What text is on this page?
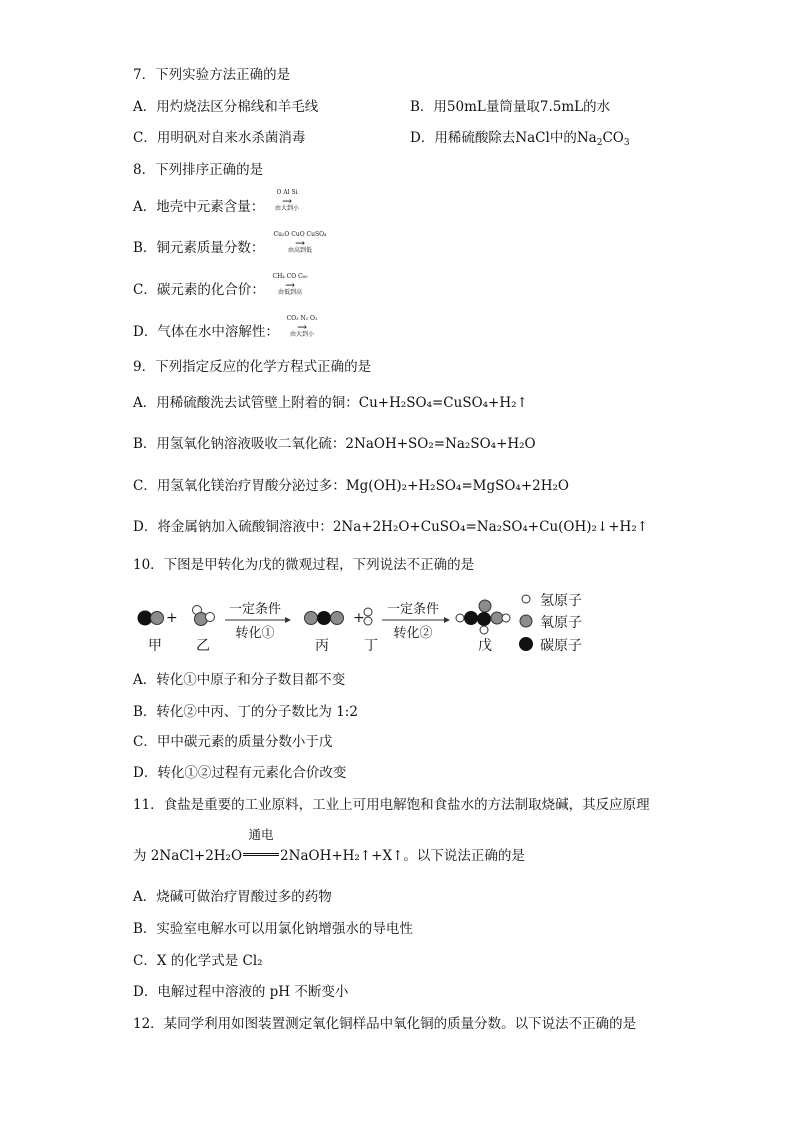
7．下列实验方法正确的是
A．用灼烧法区分棉线和羊毛线	B．用50mL量筒量取7.5mL的水
C．用明矾对自来水杀菌消毒	D．用稀硫酸除去NaCl中的$Na_2CO_3$
8．下列排序正确的是
A．地壳中元素含量：
O Al Si
→
由大到小
B．铜元素质量分数：
Cu₂O CuO CuSO₄
→
由高到低
C．碳元素的化合价：
CH₄ CO C₆₀
→
由低到高
D．气体在水中溶解性：
CO₂ N₂ O₂
→
由大到小
9．下列指定反应的化学方程式正确的是
A．用稀硫酸洗去试管壁上附着的铜：Cu+H₂SO₄=CuSO₄+H₂↑
B．用氢氧化钠溶液吸收二氧化硫：2NaOH+SO₂=Na₂SO₄+H₂O
C．用氢氧化镁治疗胃酸分泌过多：Mg(OH)₂+H₂SO₄=MgSO₄+2H₂O
D．将金属钠加入硫酸铜溶液中：2Na+2H₂O+CuSO₄=Na₂SO₄+Cu(OH)₂↓+H₂↑
10．下图是甲转化为戊的微观过程，下列说法不正确的是
+	+
一定条件
转化①
一定条件
转化②
甲 乙	丙	丁	戊
氢原子
氧原子
碳原子
A．转化①中原子和分子数目都不变
B．转化②中丙、丁的分子数比为 1:2
C．甲中碳元素的质量分数小于戊
D．转化①②过程有元素化合价改变
11．食盐是重要的工业原料，工业上可用电解饱和食盐水的方法制取烧碱，其反应原理
为 2NaCl+2H₂O
通电
2NaOH+H₂↑+X↑。以下说法正确的是
A．烧碱可做治疗胃酸过多的药物
B．实验室电解水可以用氯化钠增强水的导电性
C．X 的化学式是 Cl₂
D．电解过程中溶液的 pH 不断变小
12．某同学利用如图装置测定氧化铜样品中氧化铜的质量分数。以下说法不正确的是
